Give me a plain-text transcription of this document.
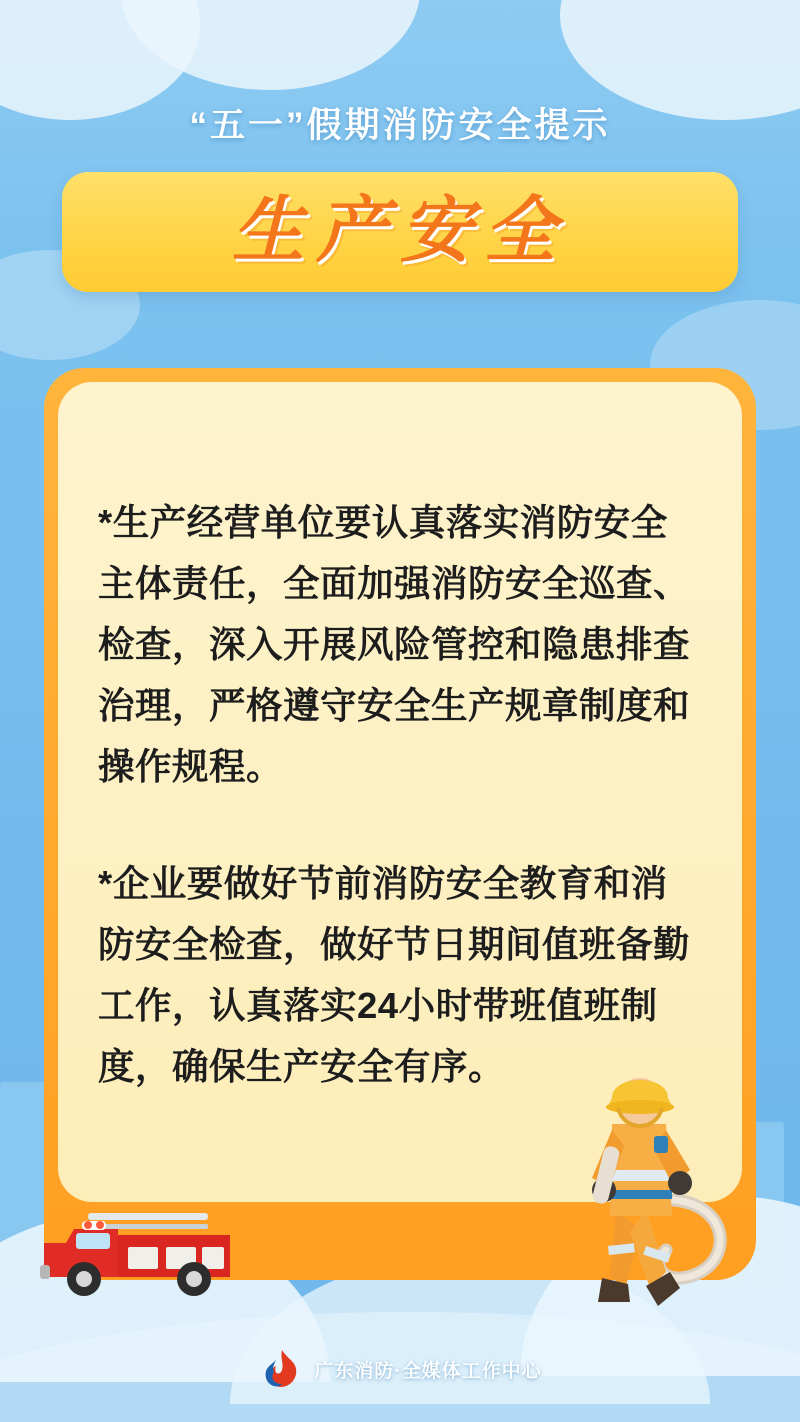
“五一”假期消防安全提示
生产安全

*生产经营单位要认真落实消防安全主体责任，全面加强消防安全巡查、检查，深入开展风险管控和隐患排查治理，严格遵守安全生产规章制度和操作规程。

*企业要做好节前消防安全教育和消防安全检查，做好节日期间值班备勤工作，认真落实24小时带班值班制度，确保生产安全有序。

广东消防·全媒体工作中心
